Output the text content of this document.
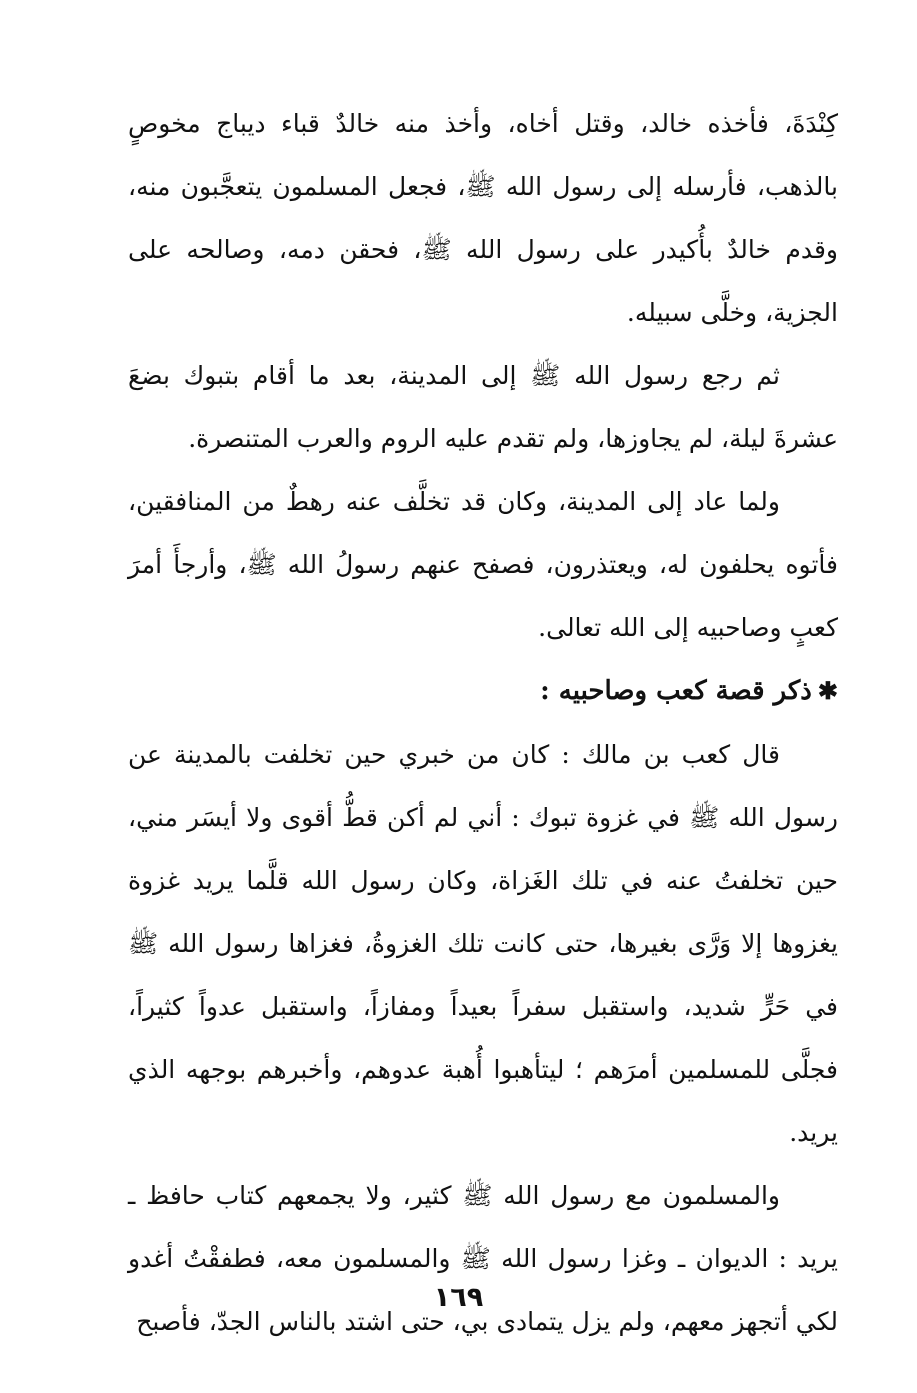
كِنْدَةَ، فأخذه خالد، وقتل أخاه، وأخذ منه خالدٌ قباء ديباج مخوصٍ بالذهب، فأرسله إلى رسول الله ﷺ، فجعل المسلمون يتعجَّبون منه، وقدم خالدٌ بأُكيدر على رسول الله ﷺ، فحقن دمه، وصالحه على الجزية، وخلَّى سبيله.

ثم رجع رسول الله ﷺ إلى المدينة، بعد ما أقام بتبوك بضعَ عشرةَ ليلة، لم يجاوزها، ولم تقدم عليه الروم والعرب المتنصرة.

ولما عاد إلى المدينة، وكان قد تخلَّف عنه رهطٌ من المنافقين، فأتوه يحلفون له، ويعتذرون، فصفح عنهم رسولُ الله ﷺ، وأرجأَ أمرَ كعبٍ وصاحبيه إلى الله تعالى.

✱ذكر قصة كعب وصاحبيه :

قال كعب بن مالك : كان من خبري حين تخلفت بالمدينة عن رسول الله ﷺ في غزوة تبوك : أني لم أكن قطُّ أقوى ولا أيسَر مني، حين تخلفتُ عنه في تلك الغَزاة، وكان رسول الله قلَّما يريد غزوة يغزوها إلا وَرَّى بغيرها، حتى كانت تلك الغزوةُ، فغزاها رسول الله ﷺ في حَرٍّ شديد، واستقبل سفراً بعيداً ومفازاً، واستقبل عدواً كثيراً، فجلَّى للمسلمين أمرَهم ؛ ليتأهبوا أُهبة عدوهم، وأخبرهم بوجهه الذي يريد.

والمسلمون مع رسول الله ﷺ كثير، ولا يجمعهم كتاب حافظ ـ يريد : الديوان ـ وغزا رسول الله ﷺ والمسلمون معه، فطفقْتُ أغدو لكي أتجهز معهم، ولم يزل يتمادى بي، حتى اشتد بالناس الجدّ، فأصبح

١٦٩
